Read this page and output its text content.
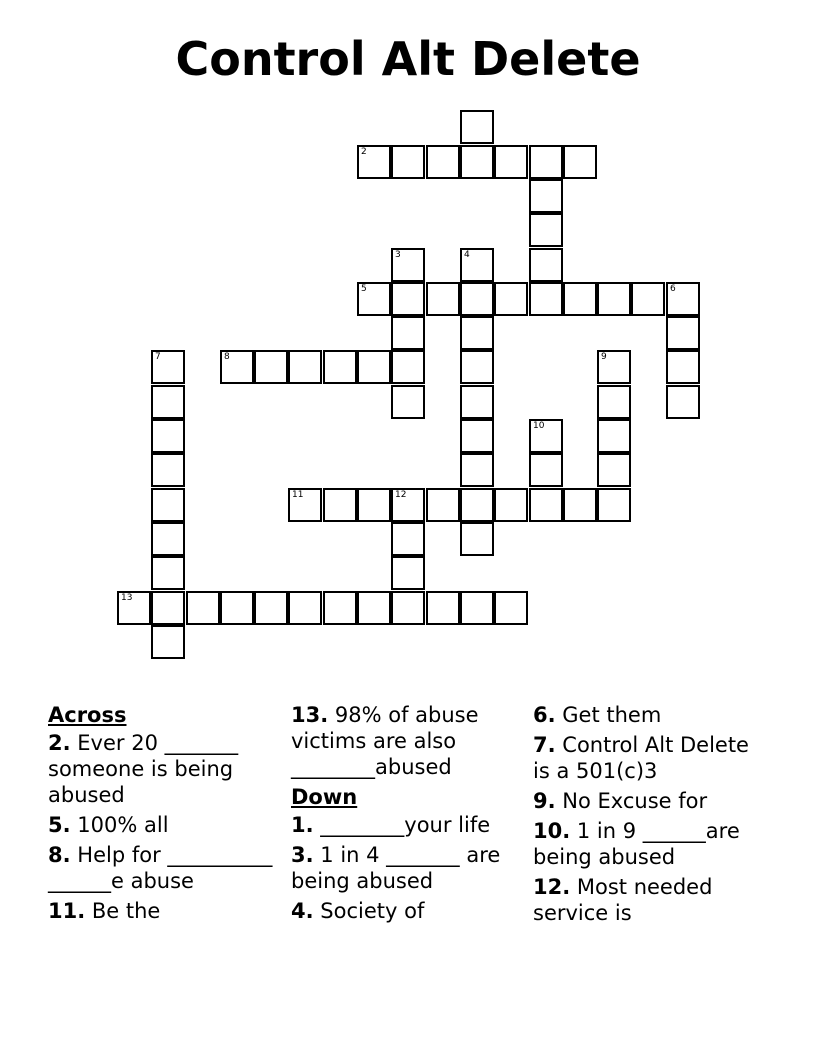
Control Alt Delete
2
3	4
5	6
7	8	9
10
11	12
13
Across
2. Ever 20 _______ someone is being abused
5. 100% all
8. Help for ________________e abuse
11. Be the
13. 98% of abuse victims are also ________abused
Down
1. ________your life
3. 1 in 4 _______ are being abused
4. Society of
6. Get them
7. Control Alt Delete is a 501(c)3
9. No Excuse for
10. 1 in 9 ______are being abused
12. Most needed service is
